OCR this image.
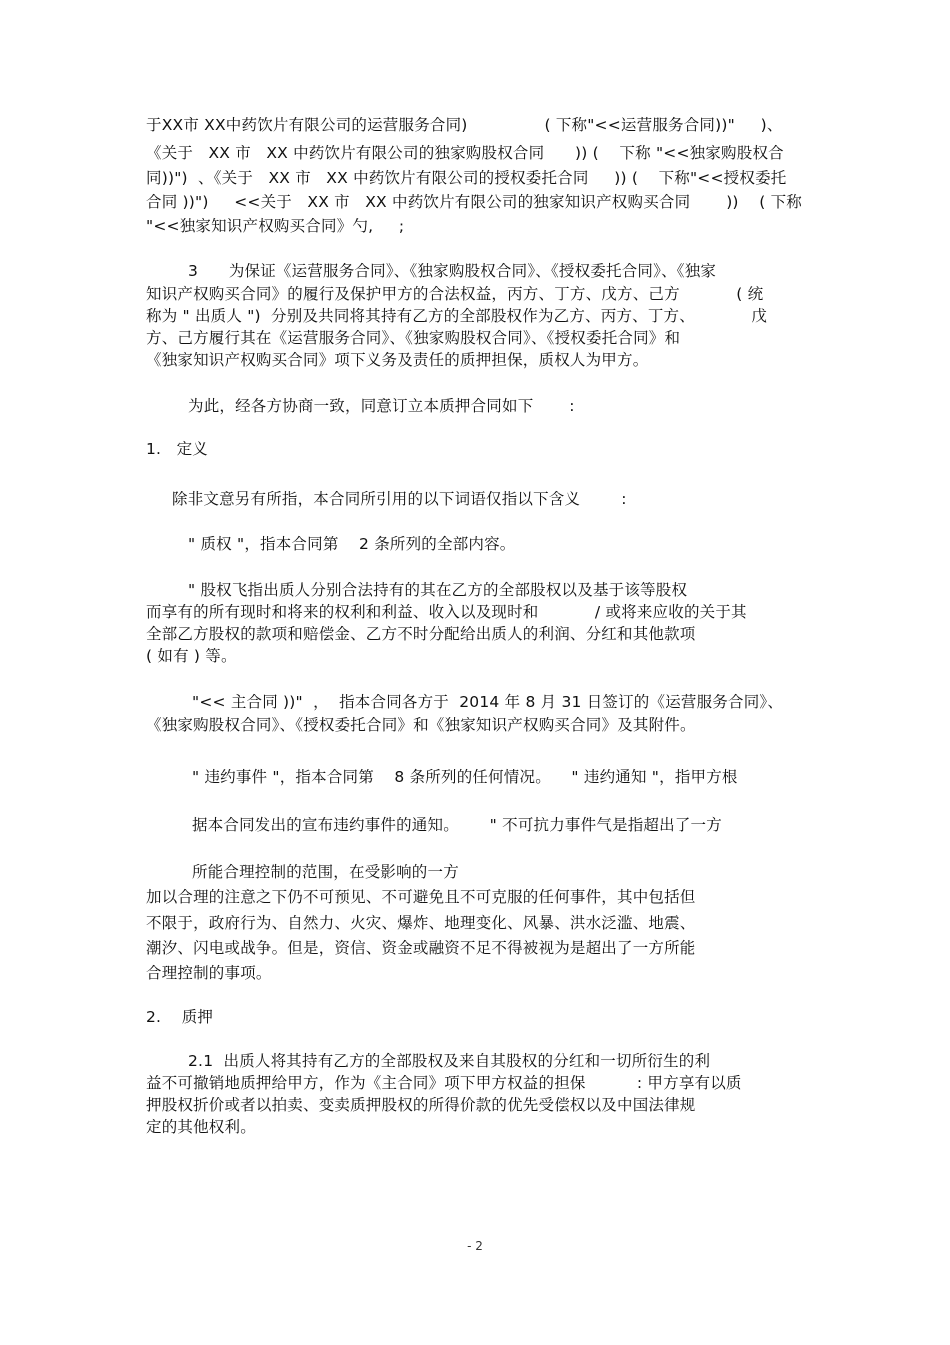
于XX市 XX中药饮片有限公司的运营服务合同)               ( 下称"<<运营服务合同))"     )、
《关于   XX 市   XX 中药饮片有限公司的独家购股权合同      )) (    下称 "<<独家购股权合
同))")  、《关于   XX 市   XX 中药饮片有限公司的授权委托合同     )) (    下称"<<授权委托
合同 ))")     <<关于   XX 市   XX 中药饮片有限公司的独家知识产权购买合同       ))    ( 下称
"<<独家知识产权购买合同》勺,     ;
3      为保证《运营服务合同》、《独家购股权合同》、《授权委托合同》、《独家
知识产权购买合同》的履行及保护甲方的合法权益，丙方、丁方、戊方、己方           ( 统
称为 " 出质人 ")  分别及共同将其持有乙方的全部股权作为乙方、丙方、丁方、           戊
方、己方履行其在《运营服务合同》、《独家购股权合同》、《授权委托合同》和
《独家知识产权购买合同》项下义务及责任的质押担保，质权人为甲方。
为此，经各方协商一致，同意订立本质押合同如下       :
1.   定义
除非文意另有所指，本合同所引用的以下词语仅指以下含义        :
" 质权 "，指本合同第    2 条所列的全部内容。
" 股权飞指出质人分别合法持有的其在乙方的全部股权以及基于该等股权
而享有的所有现时和将来的权利和利益、收入以及现时和           / 或将来应收的关于其
全部乙方股权的款项和赔偿金、乙方不时分配给出质人的利润、分红和其他款项
( 如有 ) 等。
"<< 主合同 ))"  ，  指本合同各方于  2014 年 8 月 31 日签订的《运营服务合同》、
《独家购股权合同》、《授权委托合同》和《独家知识产权购买合同》及其附件。
" 违约事件 "，指本合同第    8 条所列的任何情况。    " 违约通知 "，指甲方根
据本合同发出的宣布违约事件的通知。      " 不可抗力事件气是指超出了一方
所能合理控制的范围，在受影响的一方
加以合理的注意之下仍不可预见、不可避免且不可克服的任何事件，其中包括但
不限于，政府行为、自然力、火灾、爆炸、地理变化、风暴、洪水泛滥、地震、
潮汐、闪电或战争。但是，资信、资金或融资不足不得被视为是超出了一方所能
合理控制的事项。
2.    质押
2.1  出质人将其持有乙方的全部股权及来自其股权的分红和一切所衍生的利
益不可撤销地质押给甲方，作为《主合同》项下甲方权益的担保          : 甲方享有以质
押股权折价或者以拍卖、变卖质押股权的所得价款的优先受偿权以及中国法律规
定的其他权利。
- 2
